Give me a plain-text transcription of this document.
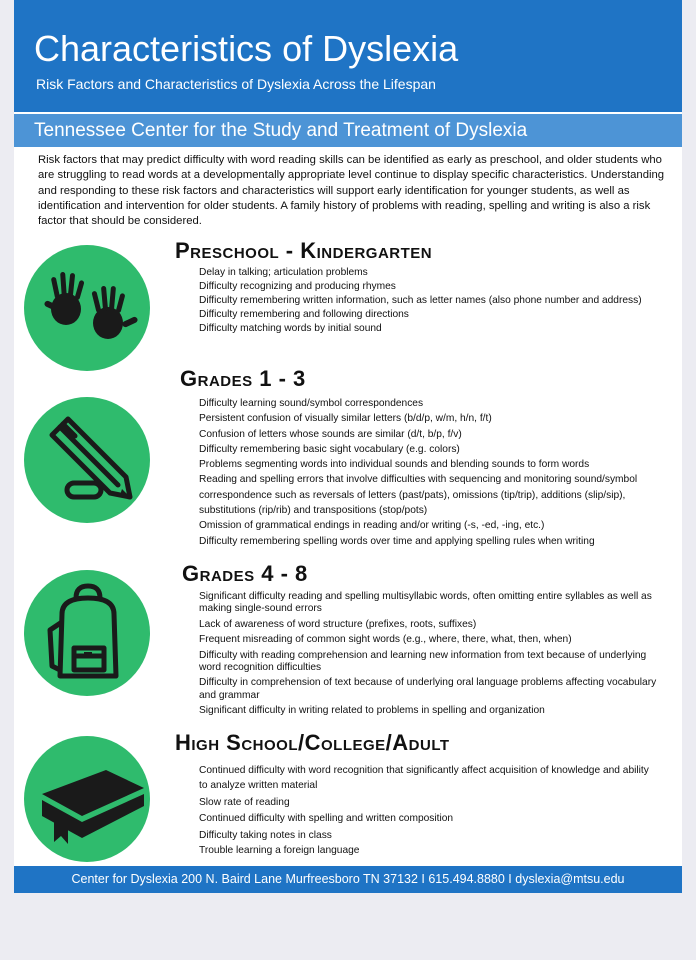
Characteristics of Dyslexia
Risk Factors and Characteristics of Dyslexia Across the Lifespan
Tennessee Center for the Study and Treatment of Dyslexia
Risk factors that may predict difficulty with word reading skills can be identified as early as preschool, and older students who are struggling to read words at a developmentally appropriate level continue to display specific characteristics. Understanding and responding to these risk factors and characteristics will support early identification for younger students, as well as identification and intervention for older students. A family history of problems with reading, spelling and writing is also a risk factor that should be considered.
Preschool - Kindergarten
Delay in talking; articulation problems
Difficulty recognizing and producing rhymes
Difficulty remembering written information, such as letter names (also phone number and address)
Difficulty remembering and following directions
Difficulty matching words by initial sound
Grades 1 - 3
Difficulty learning sound/symbol correspondences
Persistent confusion of visually similar letters (b/d/p, w/m, h/n, f/t)
Confusion of letters whose sounds are similar (d/t, b/p, f/v)
Difficulty remembering basic sight vocabulary (e.g. colors)
Problems segmenting words into individual sounds and blending sounds to form words
Reading and spelling errors that involve difficulties with sequencing and monitoring sound/symbol correspondence such as reversals of letters (past/pats), omissions (tip/trip), additions (slip/sip), substitutions (rip/rib) and transpositions (stop/pots)
Omission of grammatical endings in reading and/or writing (-s, -ed, -ing, etc.)
Difficulty remembering spelling words over time and applying spelling rules when writing
Grades 4 - 8
Significant difficulty reading and spelling multisyllabic words, often omitting entire syllables as well as making single-sound errors
Lack of awareness of word structure (prefixes, roots, suffixes)
Frequent misreading of common sight words (e.g., where, there, what, then, when)
Difficulty with reading comprehension and learning new information from text because of underlying word recognition difficulties
Difficulty in comprehension of text because of underlying oral language problems affecting vocabulary and grammar
Significant difficulty in writing related to problems in spelling and organization
High School/College/Adult
Continued difficulty with word recognition that significantly affect acquisition of knowledge and ability to analyze written material
Slow rate of reading
Continued difficulty with spelling and written composition
Difficulty taking notes in class
Trouble learning a foreign language
Center for Dyslexia 200 N. Baird Lane Murfreesboro TN 37132 I 615.494.8880 I dyslexia@mtsu.edu
